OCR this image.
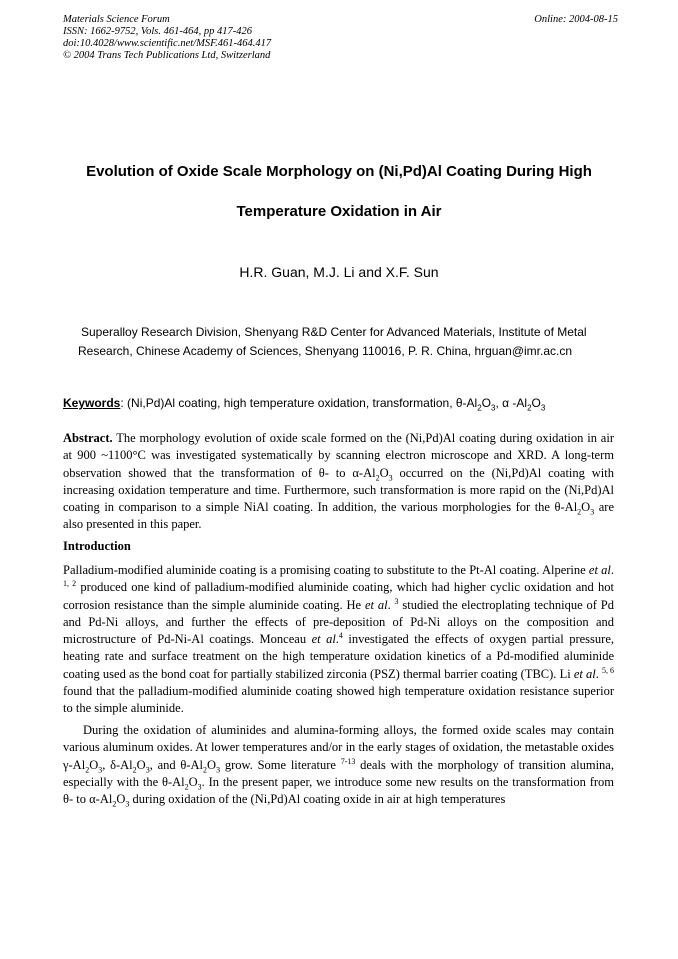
Materials Science Forum
ISSN: 1662-9752, Vols. 461-464, pp 417-426
doi:10.4028/www.scientific.net/MSF.461-464.417
© 2004 Trans Tech Publications Ltd, Switzerland
Online: 2004-08-15
Evolution of Oxide Scale Morphology on (Ni,Pd)Al Coating During High
Temperature Oxidation in Air
H.R. Guan, M.J. Li and X.F. Sun
Superalloy Research Division, Shenyang R&D Center for Advanced Materials, Institute of Metal
Research, Chinese Academy of Sciences, Shenyang 110016, P. R. China, hrguan@imr.ac.cn
Keywords: (Ni,Pd)Al coating, high temperature oxidation, transformation, $\theta-Al_2O_3$, α $-Al_2O_3$
Abstract. The morphology evolution of oxide scale formed on the (Ni,Pd)Al coating during oxidation in air at 900 ~1100°C was investigated systematically by scanning electron microscope and XRD. A long-term observation showed that the transformation of θ- to $\alpha-Al_2O_3$ occurred on the (Ni,Pd)Al coating with increasing oxidation temperature and time. Furthermore, such transformation is more rapid on the (Ni,Pd)Al coating in comparison to a simple NiAl coating. In addition, the various morphologies for the $\theta-Al_2O_3$ are also presented in this paper.
Introduction
Palladium-modified aluminide coating is a promising coating to substitute to the Pt-Al coating. Alperine et al. $^{1, 2}$ produced one kind of palladium-modified aluminide coating, which had higher cyclic oxidation and hot corrosion resistance than the simple aluminide coating. He et al. $^3$ studied the electroplating technique of Pd and Pd-Ni alloys, and further the effects of pre-deposition of Pd-Ni alloys on the composition and microstructure of Pd-Ni-Al coatings. Monceau et al.$^4$ investigated the effects of oxygen partial pressure, heating rate and surface treatment on the high temperature oxidation kinetics of a Pd-modified aluminide coating used as the bond coat for partially stabilized zirconia (PSZ) thermal barrier coating (TBC). Li et al. $^{5, 6}$ found that the palladium-modified aluminide coating showed high temperature oxidation resistance superior to the simple aluminide.
During the oxidation of aluminides and alumina-forming alloys, the formed oxide scales may contain various aluminum oxides. At lower temperatures and/or in the early stages of oxidation, the metastable oxides $\gamma-Al_2O_3$, $\delta-Al_2O_3$, and $\theta-Al_2O_3$ grow. Some literature $^{7-13}$ deals with the morphology of transition alumina, especially with the $\theta-Al_2O_3$. In the present paper, we introduce some new results on the transformation from θ- to $\alpha-Al_2O_3$ during oxidation of the (Ni,Pd)Al coating oxide in air at high temperatures
